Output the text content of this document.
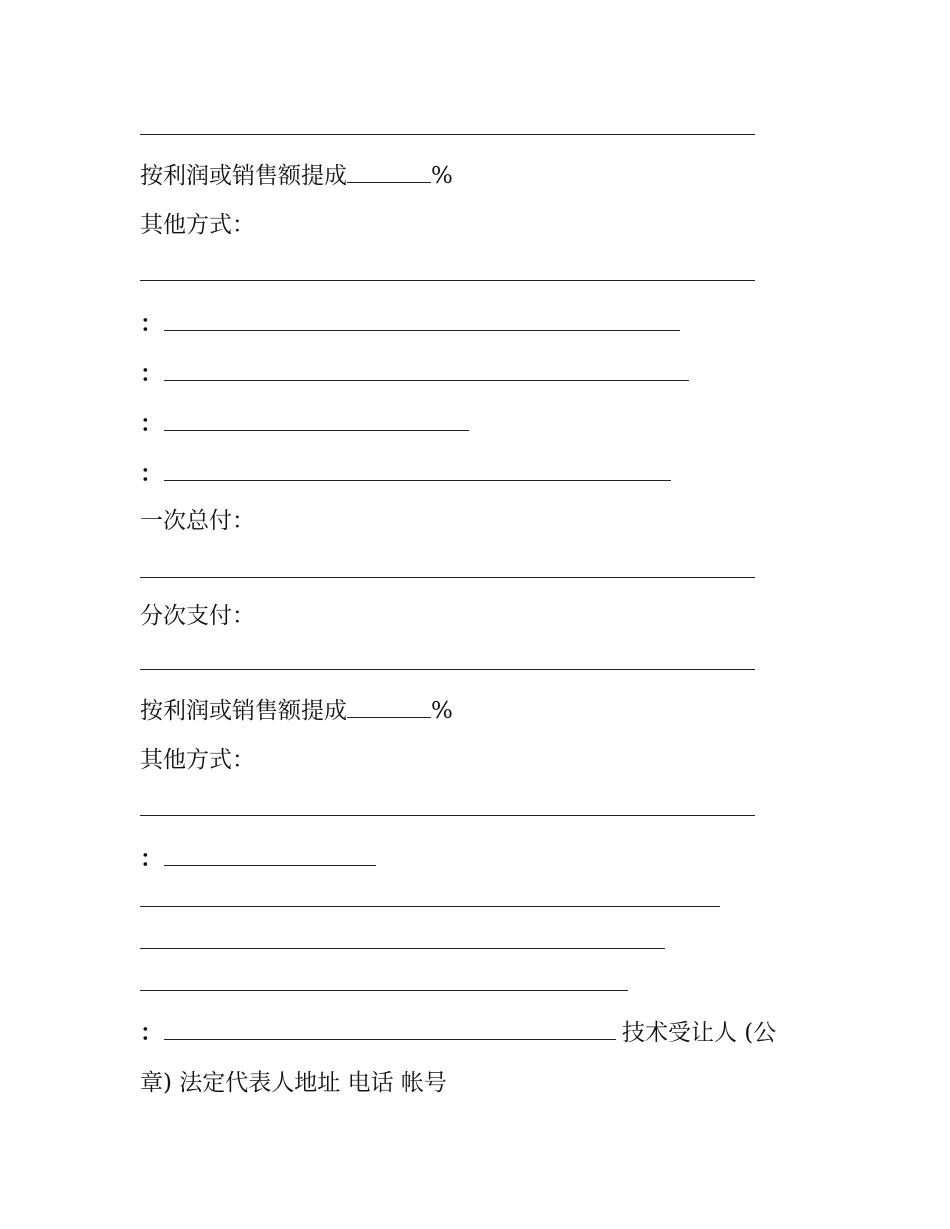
按利润或销售额提成	%
其他方式：
：
：
：
：
一次总付：
分次支付：
按利润或销售额提成	%
其他方式：
：
：	技术受让人 (公
章) 法定代表人地址 电话 帐号
